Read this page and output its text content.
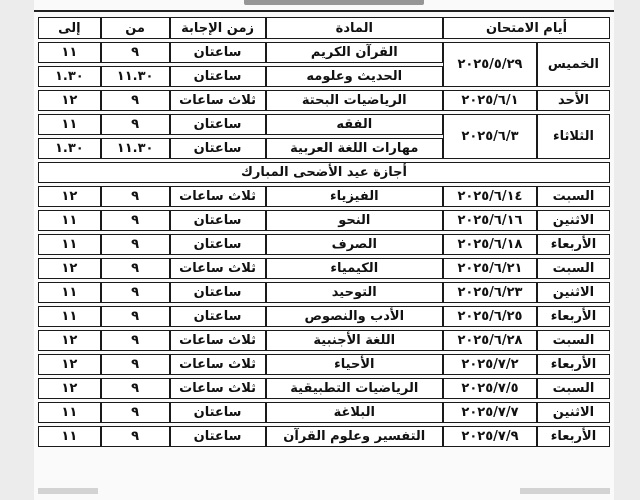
أيام الامتحان		المادة	زمن الإجابة	من	إلى
الخميس	٢٠٢٥/٥/٢٩	القرآن الكريم	ساعتان	٩	١١
		الحديث وعلومه	ساعتان	١١.٣٠	١.٣٠
الأحد	٢٠٢٥/٦/١	الرياضيات البحتة	ثلاث ساعات	٩	١٢
الثلاثاء	٢٠٢٥/٦/٣	الفقه	ساعتان	٩	١١
		مهارات اللغة العربية	ساعتان	١١.٣٠	١.٣٠
أجازة عيد الأضحى المبارك					
السبت	٢٠٢٥/٦/١٤	الفيزياء	ثلاث ساعات	٩	١٢
الاثنين	٢٠٢٥/٦/١٦	النحو	ساعتان	٩	١١
الأربعاء	٢٠٢٥/٦/١٨	الصرف	ساعتان	٩	١١
السبت	٢٠٢٥/٦/٢١	الكيمياء	ثلاث ساعات	٩	١٢
الاثنين	٢٠٢٥/٦/٢٣	التوحيد	ساعتان	٩	١١
الأربعاء	٢٠٢٥/٦/٢٥	الأدب والنصوص	ساعتان	٩	١١
السبت	٢٠٢٥/٦/٢٨	اللغة الأجنبية	ثلاث ساعات	٩	١٢
الأربعاء	٢٠٢٥/٧/٢	الأحياء	ثلاث ساعات	٩	١٢
السبت	٢٠٢٥/٧/٥	الرياضيات التطبيقية	ثلاث ساعات	٩	١٢
الاثنين	٢٠٢٥/٧/٧	البلاغة	ساعتان	٩	١١
الأربعاء	٢٠٢٥/٧/٩	التفسير وعلوم القرآن	ساعتان	٩	١١
